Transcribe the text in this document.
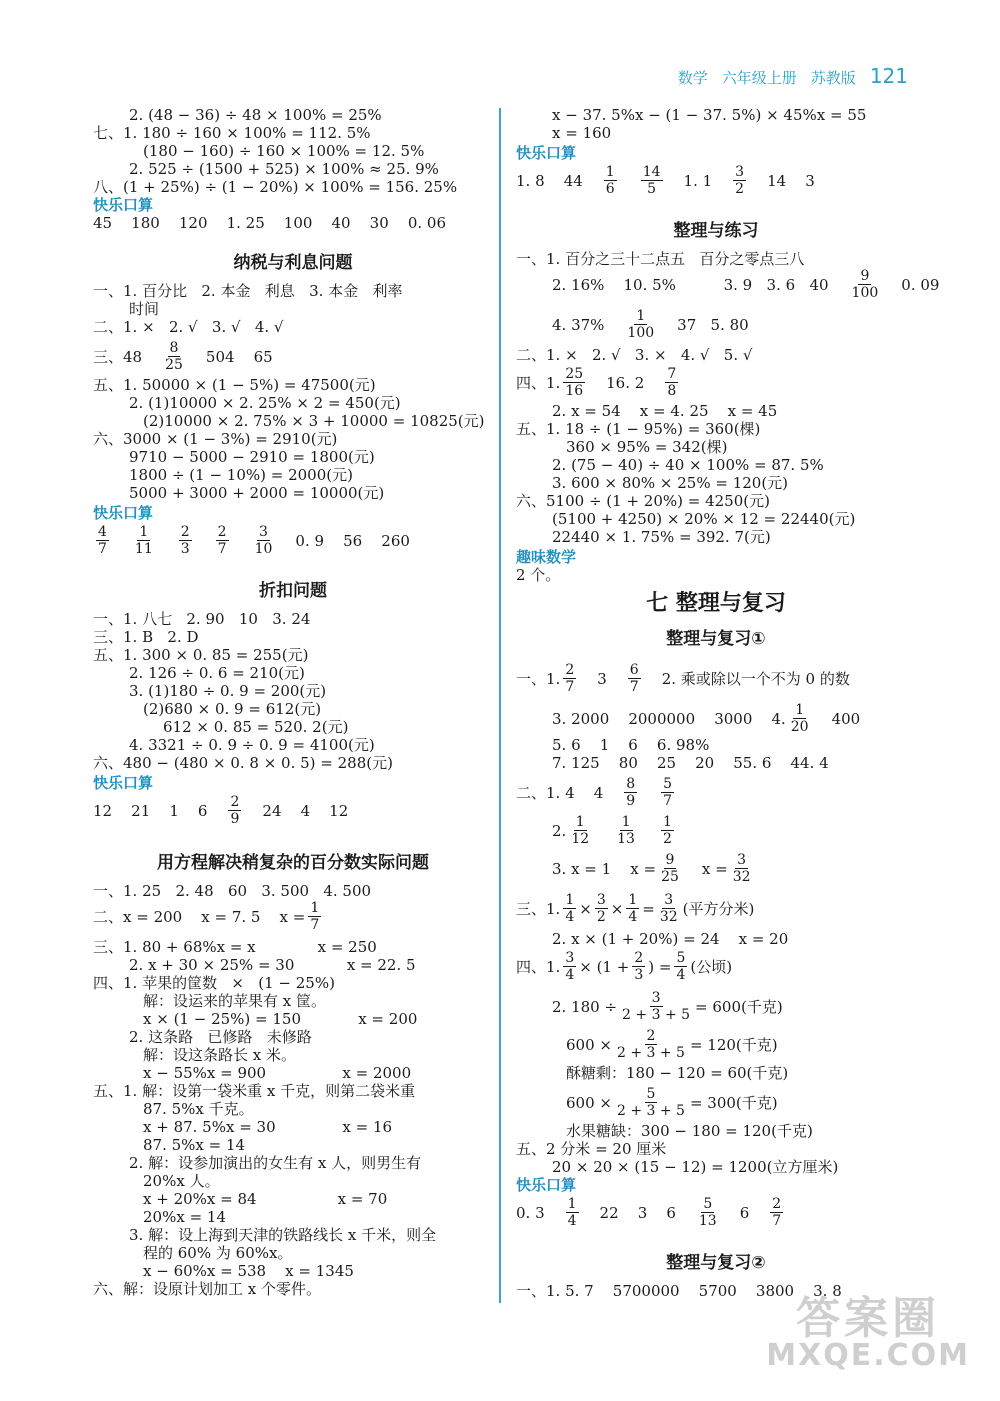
数学 六年级上册 苏教版 121
2. (48 − 36) ÷ 48 × 100% = 25%
七、1. 180 ÷ 160 × 100% = 112. 5%
(180 − 160) ÷ 160 × 100% = 12. 5%
2. 525 ÷ (1500 + 525) × 100% ≈ 25. 9%
八、(1 + 25%) ÷ (1 − 20%) × 100% = 156. 25%
快乐口算
45    180    120    1. 25    100    40    30    0. 06
纳税与利息问题
一、1. 百分比   2. 本金   利息   3. 本金   利率
时间
二、1. ×   2. √   3. √   4. √
三、$48 \frac{8}{25} 504$    65
五、1. 50000 × (1 − 5%) = 47500(元)
2. (1)10000 × 2. 25% × 2 = 450(元)
(2)10000 × 2. 75% × 3 + 10000 = 10825(元)
六、3000 × (1 − 3%) = 2910(元)
9710 − 5000 − 2910 = 1800(元)
1800 ÷ (1 − 10%) = 2000(元)
5000 + 3000 + 2000 = 10000(元)
快乐口算
$\frac{4}{7} \frac{1}{11} \frac{2}{3} \frac{2}{7} \frac{3}{10} 0$. 9    56    260
折扣问题
一、1. 八七   2. 90   10   3. 24
三、1. B   2. D
五、1. 300 × 0. 85 = 255(元)
2. 126 ÷ 0. 6 = 210(元)
3. (1)180 ÷ 0. 9 = 200(元)
(2)680 × 0. 9 = 612(元)
612 × 0. 85 = 520. 2(元)
4. 3321 ÷ 0. 9 ÷ 0. 9 = 4100(元)
六、480 − (480 × 0. 8 × 0. 5) = 288(元)
快乐口算
12    21    1    $6 \frac{2}{9} 24$    4    12
用方程解决稍复杂的百分数实际问题
一、1. 25   2. 48   60   3. 500   4. 500
二、x = 200    x = 7. 5    $x = \frac{1}{7}$
三、1. 80 + 68%x = x             x = 250
2. x + 30 × 25% = 30           x = 22. 5
四、1. 苹果的筐数   ×   (1 − 25%)
解：设运来的苹果有 x 筐。
x × (1 − 25%) = 150            x = 200
2. 这条路   已修路   未修路
解：设这条路长 x 米。
x − 55%x = 900                x = 2000
五、1. 解：设第一袋米重 x 千克，则第二袋米重
87. 5%x 千克。
x + 87. 5%x = 30              x = 16
87. 5%x = 14
2. 解：设参加演出的女生有 x 人，则男生有
20%x 人。
x + 20%x = 84                 x = 70
20%x = 14
3. 解：设上海到天津的铁路线长 x 千米，则全
程的 60% 为 60%x。
x − 60%x = 538    x = 1345
六、解：设原计划加工 x 个零件。
x − 37. 5%x − (1 − 37. 5%) × 45%x = 55
x = 160
快乐口算
1. 8    $44 \frac{1}{6} \frac{14}{5} 1$. $1 \frac{3}{2} 14$    3
整理与练习
一、1. 百分之三十二点五   百分之零点三八
2. 16%    10. 5%          3. 9   3. 6   $40 \frac{9}{100} 0$. 09
4. $37\% \frac{1}{100} 37$   5. 80
二、1. ×   2. √   3. ×   4. √   5. √
四、1. $\frac{25}{16} 16$. $2 \frac{7}{8}$
2. x = 54    x = 4. 25    x = 45
五、1. 18 ÷ (1 − 95%) = 360(棵)
360 × 95% = 342(棵)
2. (75 − 40) ÷ 40 × 100% = 87. 5%
3. 600 × 80% × 25% = 120(元)
六、5100 ÷ (1 + 20%) = 4250(元)
(5100 + 4250) × 20% × 12 = 22440(元)
22440 × 1. 75% = 392. 7(元)
趣味数学
2 个。
七 整理与复习
整理与复习①
一、1. $\frac{2}{7} 3 \frac{6}{7} 2$. 乘或除以一个不为 0 的数
3. 2000    2000000    3000    4. $\frac{1}{20} 400$
5. 6    1    6    6. 98%
7. 125    80    25    20    55. 6    44. 4
二、1. 4    $4 \frac{8}{9} \frac{5}{7}$
2. $\frac{1}{12} \frac{1}{13} \frac{1}{2}$
3. x = 1    $x = \frac{9}{25}$ $x = \frac{3}{32}$
三、1. $\frac{1}{4} \times \frac{3}{2} \times \frac{1}{4} = \frac{3}{32}$ (平方分米)
2. x × (1 + 20%) = 24    x = 20
四、1. $\frac{3}{4} \times (1 + \frac{2}{3}$ ) = $\frac{5}{4}$ (公顷)
2. $180 \div \frac{3}{2 + 3 + 5} = 600$(千克)
$600 \times \frac{2}{2 + 3 + 5} = 120$(千克)
酥糖剩：180 − 120 = 60(千克)
$600 \times \frac{5}{2 + 3 + 5} = 300$(千克)
水果糖缺：300 − 180 = 120(千克)
五、2 分米 = 20 厘米
20 × 20 × (15 − 12) = 1200(立方厘米)
快乐口算
0. $3 \frac{1}{4} 22$    3    $6 \frac{5}{13} 6 \frac{2}{7}$
整理与复习②
一、1. 5. 7    5700000    5700    3800    3. 8
答案圈
MXQE.COM
